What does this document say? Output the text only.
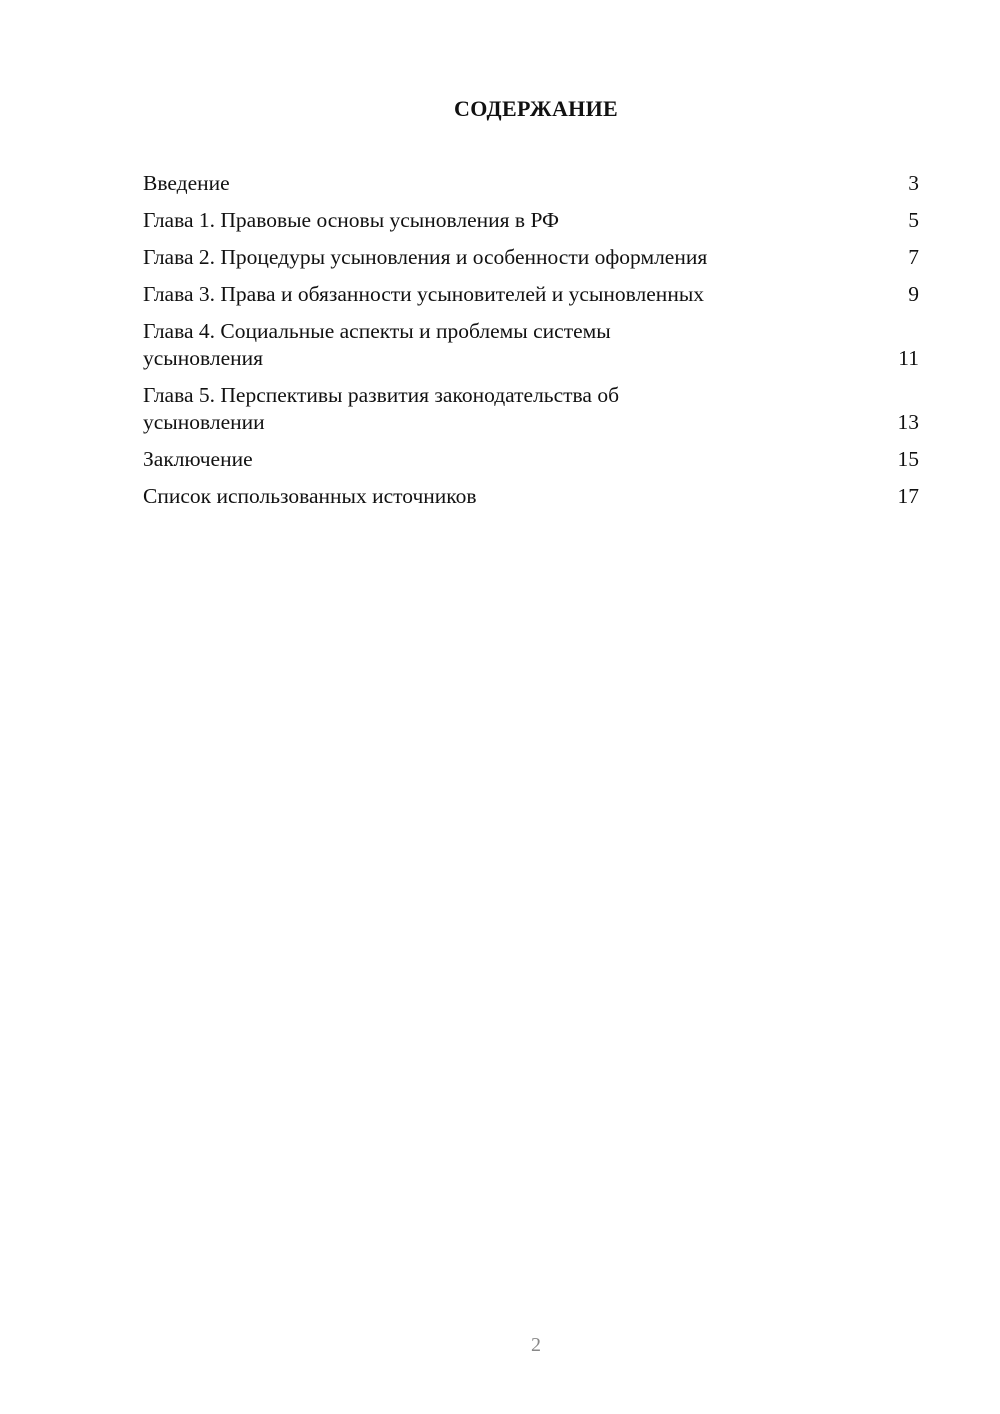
СОДЕРЖАНИЕ
Введение	3
Глава 1. Правовые основы усыновления в РФ	5
Глава 2. Процедуры усыновления и особенности оформления	7
Глава 3. Права и обязанности усыновителей и усыновленных	9
Глава 4. Социальные аспекты и проблемы системы усыновления	11
Глава 5. Перспективы развития законодательства об усыновлении	13
Заключение	15
Список использованных источников	17
2
